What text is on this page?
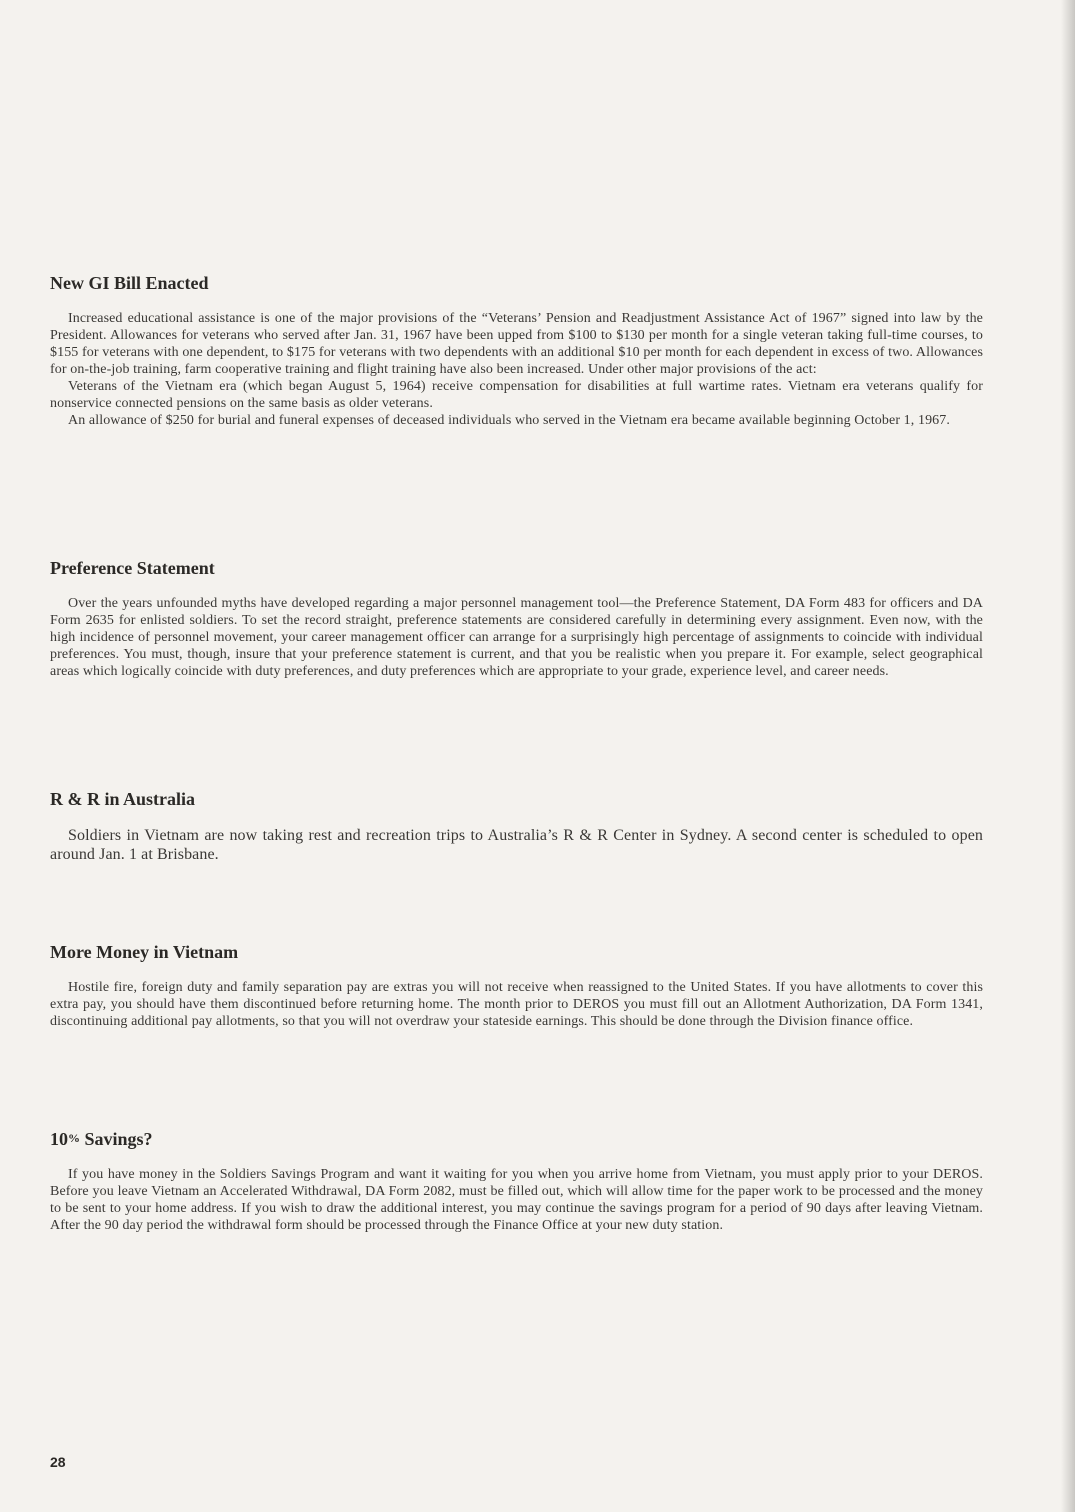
New GI Bill Enacted

Increased educational assistance is one of the major provisions of the “Veterans’ Pension and Readjustment Assistance Act of 1967” signed into law by the President. Allowances for veterans who served after Jan. 31, 1967 have been upped from $100 to $130 per month for a single veteran taking full-time courses, to $155 for veterans with one dependent, to $175 for veterans with two dependents with an additional $10 per month for each dependent in excess of two. Allowances for on-the-job training, farm cooperative training and flight training have also been increased. Under other major provisions of the act:

Veterans of the Vietnam era (which began August 5, 1964) receive compensation for disabilities at full wartime rates. Vietnam era veterans qualify for nonservice connected pensions on the same basis as older veterans.

An allowance of $250 for burial and funeral expenses of deceased individuals who served in the Vietnam era became available beginning October 1, 1967.

Preference Statement

Over the years unfounded myths have developed regarding a major personnel management tool—the Preference Statement, DA Form 483 for officers and DA Form 2635 for enlisted soldiers. To set the record straight, preference statements are considered carefully in determining every assignment. Even now, with the high incidence of personnel movement, your career management officer can arrange for a surprisingly high percentage of assignments to coincide with individual preferences. You must, though, insure that your preference statement is current, and that you be realistic when you prepare it. For example, select geographical areas which logically coincide with duty preferences, and duty preferences which are appropriate to your grade, experience level, and career needs.

R & R in Australia

Soldiers in Vietnam are now taking rest and recreation trips to Australia’s R & R Center in Sydney. A second center is scheduled to open around Jan. 1 at Brisbane.

More Money in Vietnam

Hostile fire, foreign duty and family separation pay are extras you will not receive when reassigned to the United States. If you have allotments to cover this extra pay, you should have them discontinued before returning home. The month prior to DEROS you must fill out an Allotment Authorization, DA Form 1341, discontinuing additional pay allotments, so that you will not overdraw your stateside earnings. This should be done through the Division finance office.

10% Savings?

If you have money in the Soldiers Savings Program and want it waiting for you when you arrive home from Vietnam, you must apply prior to your DEROS. Before you leave Vietnam an Accelerated Withdrawal, DA Form 2082, must be filled out, which will allow time for the paper work to be processed and the money to be sent to your home address. If you wish to draw the additional interest, you may continue the savings program for a period of 90 days after leaving Vietnam. After the 90 day period the withdrawal form should be processed through the Finance Office at your new duty station.

28
